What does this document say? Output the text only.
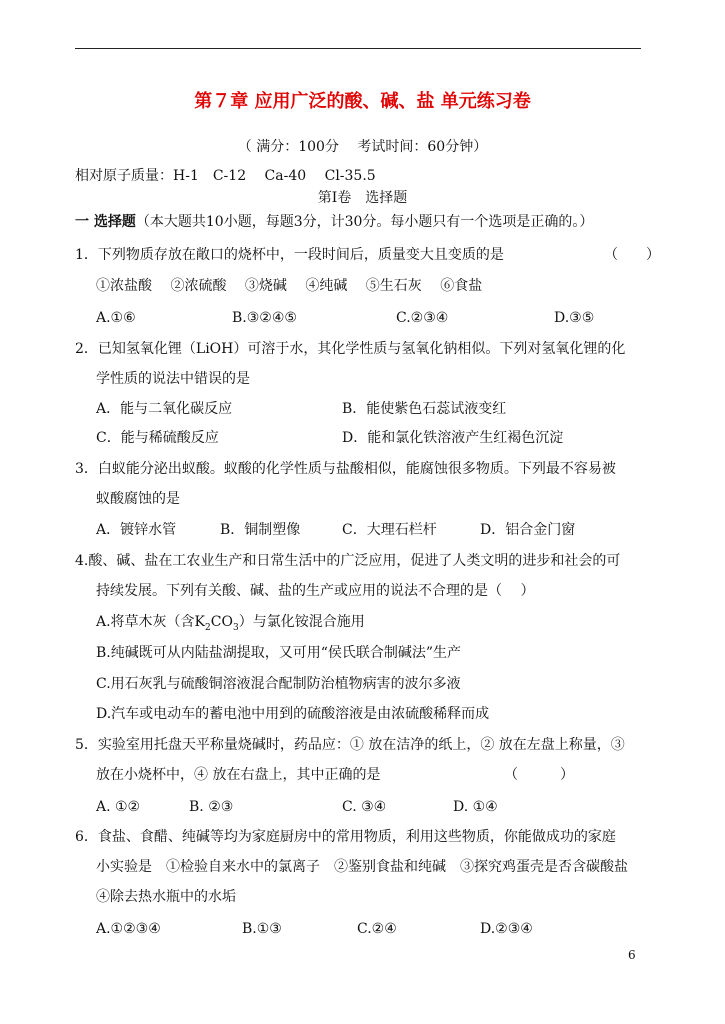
第７章 应用广泛的酸、碱、盐 单元练习卷
（ 满分：100分　 考试时间：60分钟）
相对原子质量：H-1　C-12　 Ca-40　 Cl-35.5
第Ⅰ卷　选择题
一 选择题（本大题共10小题，每题3分，计30分。每小题只有一个选项是正确的。）
1．下列物质存放在敞口的烧杯中，一段时间后，质量变大且变质的是	（　　）
①浓盐酸　 ②浓硫酸　 ③烧碱　 ④纯碱　 ⑤生石灰　 ⑥食盐
A.①⑥	B.③②④⑤	C.②③④	D.③⑤
2．已知氢氧化锂（LiOH）可溶于水，其化学性质与氢氧化钠相似。下列对氢氧化锂的化
学性质的说法中错误的是
A．能与二氧化碳反应	B．能使紫色石蕊试液变红
C．能与稀硫酸反应	D．能和氯化铁溶液产生红褐色沉淀
3．白蚁能分泌出蚁酸。蚁酸的化学性质与盐酸相似，能腐蚀很多物质。下列最不容易被
蚁酸腐蚀的是
A．镀锌水管	B．铜制塑像	C．大理石栏杆	D．铝合金门窗
4.酸、碱、盐在工农业生产和日常生活中的广泛应用，促进了人类文明的进步和社会的可
持续发展。下列有关酸、碱、盐的生产或应用的说法不合理的是（　 ）
A.将草木灰（含$K_2CO_3$）与氯化铵混合施用
B.纯碱既可从内陆盐湖提取，又可用“侯氏联合制碱法”生产
C.用石灰乳与硫酸铜溶液混合配制防治植物病害的波尔多液
D.汽车或电动车的蓄电池中用到的硫酸溶液是由浓硫酸稀释而成
5．实验室用托盘天平称量烧碱时，药品应：① 放在洁净的纸上，② 放在左盘上称量，③
放在小烧杯中，④ 放在右盘上，其中正确的是	（　　　）
A. ①②	B. ②③	C. ③④	D. ①④
6．食盐、食醋、纯碱等均为家庭厨房中的常用物质，利用这些物质，你能做成功的家庭
小实验是　①检验自来水中的氯离子　②鉴别食盐和纯碱　③探究鸡蛋壳是否含碳酸盐
④除去热水瓶中的水垢
A.①②③④	B.①③	C.②④	D.②③④
6
